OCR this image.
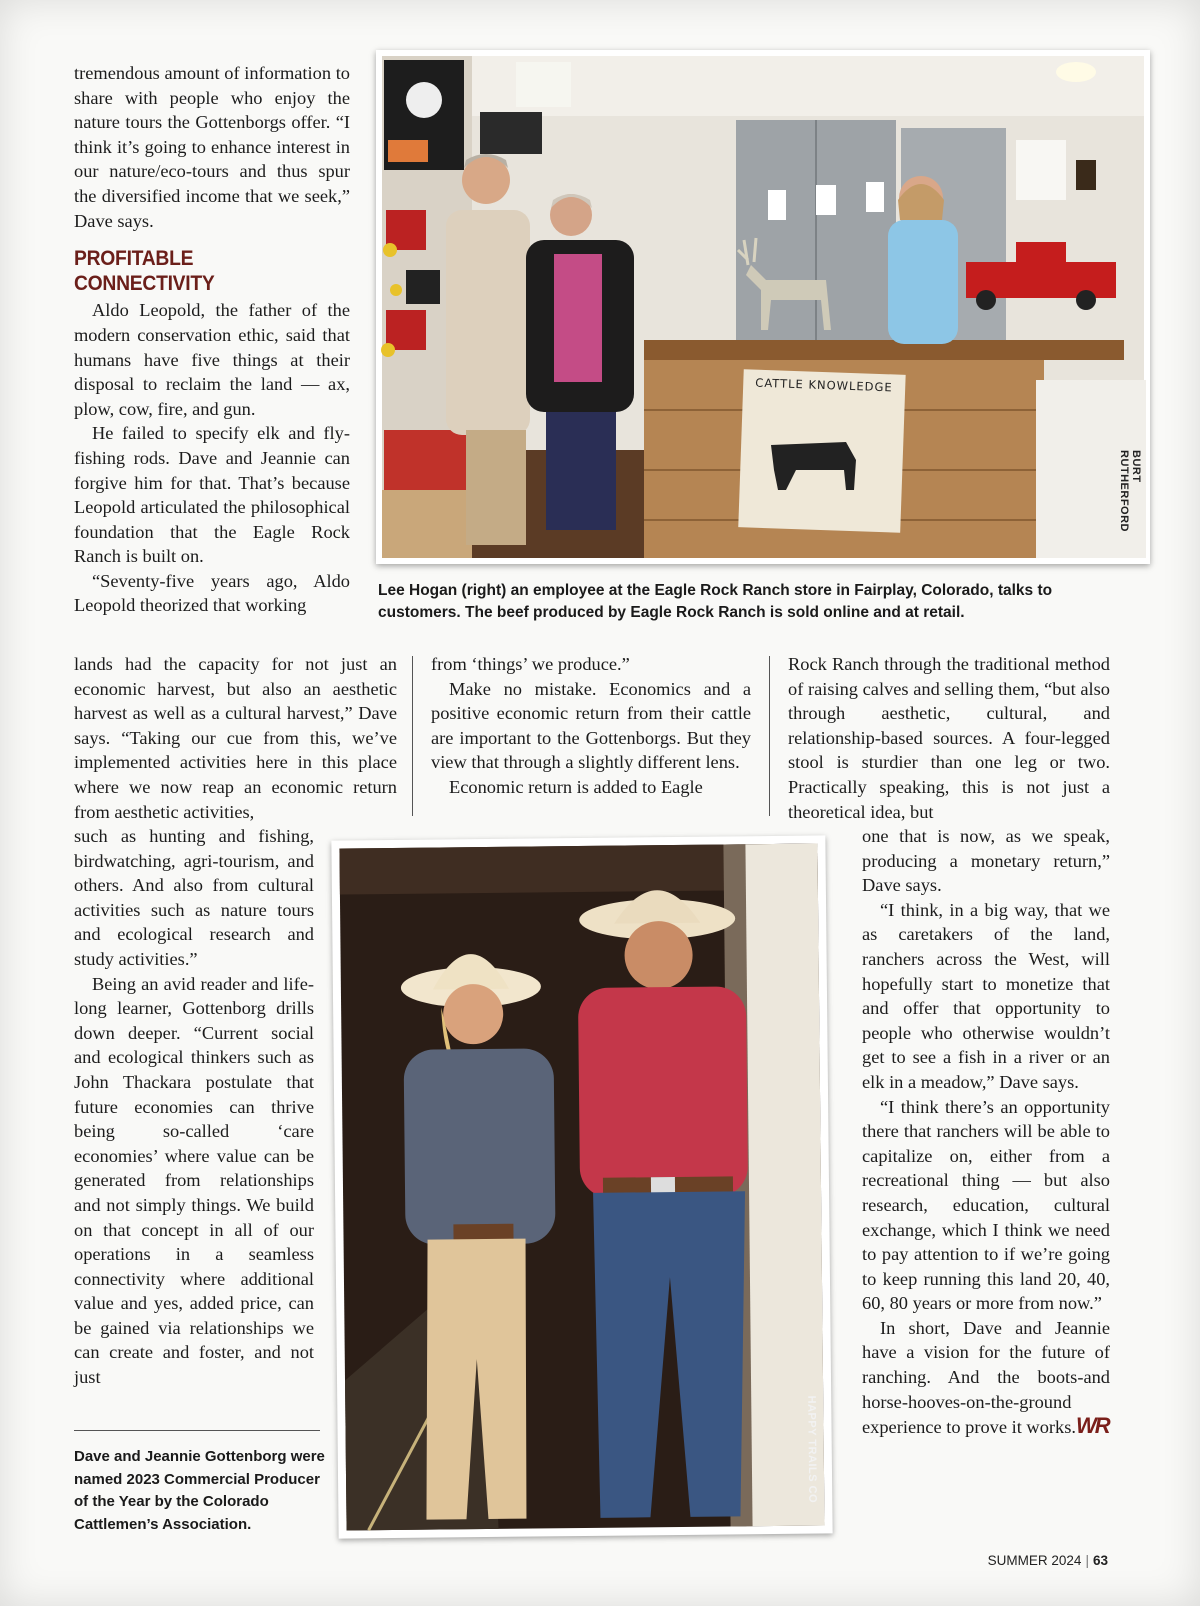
tremendous amount of information to share with people who enjoy the nature tours the Gottenborgs offer. “I think it’s going to enhance interest in our nature/eco-tours and thus spur the diversified income that we seek,” Dave says.

PROFITABLE CONNECTIVITY

Aldo Leopold, the father of the modern conservation ethic, said that humans have five things at their disposal to reclaim the land — ax, plow, cow, fire, and gun.

He failed to specify elk and fly-fishing rods. Dave and Jeannie can forgive him for that. That’s because Leopold articulated the philosophical foundation that the Eagle Rock Ranch is built on.

“Seventy-five years ago, Aldo Leopold theorized that working

lands had the capacity for not just an economic harvest, but also an aesthetic harvest as well as a cultural harvest,” Dave says. “Taking our cue from this, we’ve implemented activities here in this place where we now reap an economic return from aesthetic activities,

such as hunting and fishing, birdwatching, agri-tourism, and others. And also from cultural activities such as nature tours and ecological research and study activities.”

Being an avid reader and life-long learner, Gottenborg drills down deeper. “Current social and ecological thinkers such as John Thackara postulate that future economies can thrive being so-called ‘care economies’ where value can be generated from relationships and not simply things. We build on that concept in all of our operations in a seamless connectivity where additional value and yes, added price, can be gained via relationships we can create and foster, and not just

Dave and Jeannie Gottenborg were named 2023 Commercial Producer of the Year by the Colorado Cattlemen’s Association.

from ‘things’ we produce.”

Make no mistake. Economics and a positive economic return from their cattle are important to the Gottenborgs. But they view that through a slightly different lens.

Economic return is added to Eagle

Rock Ranch through the traditional method of raising calves and selling them, “but also through aesthetic, cultural, and relationship-based sources. A four-legged stool is sturdier than one leg or two. Practically speaking, this is not just a theoretical idea, but

one that is now, as we speak, producing a monetary return,” Dave says.

“I think, in a big way, that we as caretakers of the land, ranchers across the West, will hopefully start to monetize that and offer that opportunity to people who otherwise wouldn’t get to see a fish in a river or an elk in a meadow,” Dave says.

“I think there’s an opportunity there that ranchers will be able to capitalize on, either from a recreational thing — but also research, education, cultural exchange, which I think we need to pay attention to if we’re going to keep running this land 20, 40, 60, 80 years or more from now.”

In short, Dave and Jeannie have a vision for the future of ranching. And the boots-and horse-hooves-on-the-ground experience to prove it works.WR

CATTLE KNOWLEDGE
BURT RUTHERFORD
Lee Hogan (right) an employee at the Eagle Rock Ranch store in Fairplay, Colorado, talks to customers. The beef produced by Eagle Rock Ranch is sold online and at retail.
HAPPY TRAILS CO
SUMMER 2024 | 63
